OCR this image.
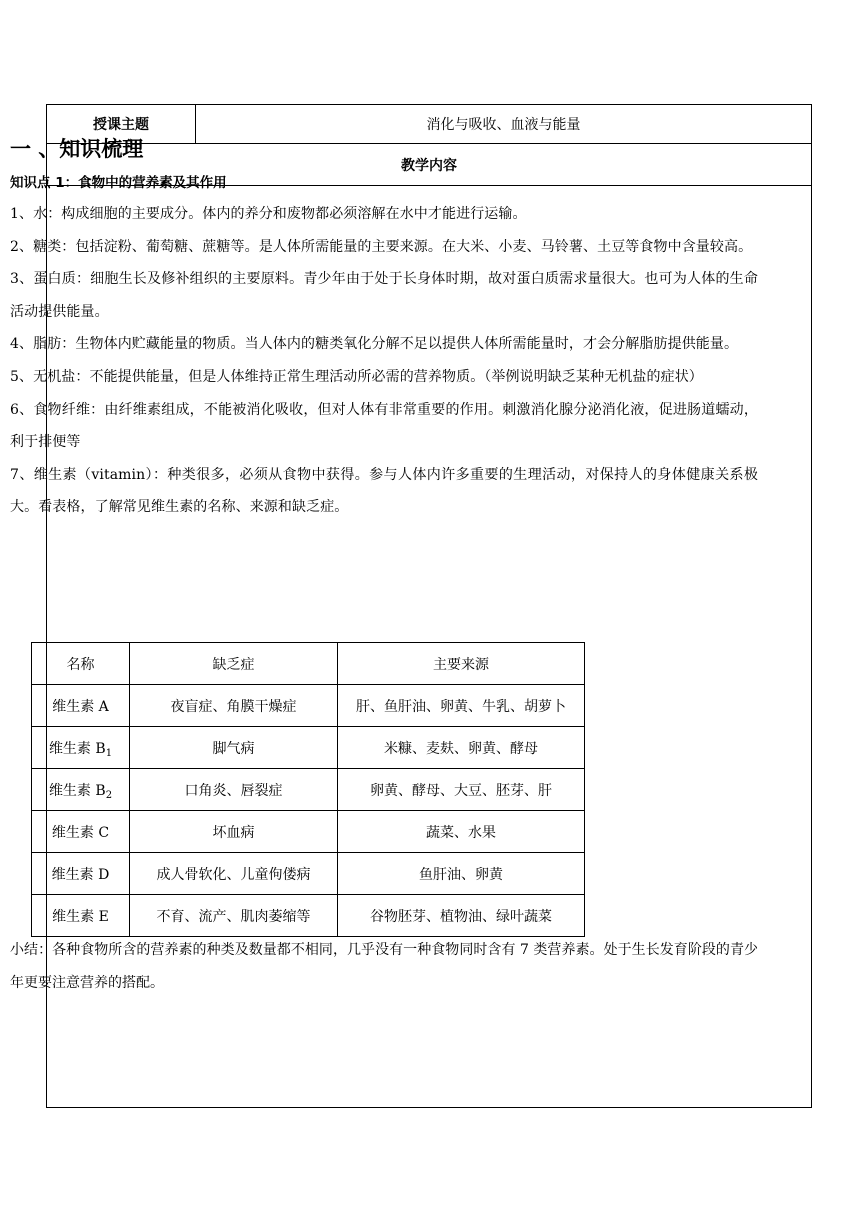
授课主题	消化与吸收、血液与能量
教学内容
一 、知识梳理
知识点 1：食物中的营养素及其作用
1、水：构成细胞的主要成分。体内的养分和废物都必须溶解在水中才能进行运输。
2、糖类：包括淀粉、葡萄糖、蔗糖等。是人体所需能量的主要来源。在大米、小麦、马铃薯、土豆等食物中含量较高。
3、蛋白质：细胞生长及修补组织的主要原料。青少年由于处于长身体时期，故对蛋白质需求量很大。也可为人体的生命活动提供能量。
4、脂肪：生物体内贮藏能量的物质。当人体内的糖类氧化分解不足以提供人体所需能量时，才会分解脂肪提供能量。
5、无机盐：不能提供能量，但是人体维持正常生理活动所必需的营养物质。（举例说明缺乏某种无机盐的症状）
6、食物纤维：由纤维素组成，不能被消化吸收，但对人体有非常重要的作用。刺激消化腺分泌消化液，促进肠道蠕动，利于排便等
7、维生素（vitamin）：种类很多，必须从食物中获得。参与人体内许多重要的生理活动，对保持人的身体健康关系极大。看表格，了解常见维生素的名称、来源和缺乏症。
名称	缺乏症	主要来源
维生素 A	夜盲症、角膜干燥症	肝、鱼肝油、卵黄、牛乳、胡萝卜
维生素 $B_1$	脚气病	米糠、麦麸、卵黄、酵母
维生素 $B_2$	口角炎、唇裂症	卵黄、酵母、大豆、胚芽、肝
维生素 C	坏血病	蔬菜、水果
维生素 D	成人骨软化、儿童佝偻病	鱼肝油、卵黄
维生素 E	不育、流产、肌肉萎缩等	谷物胚芽、植物油、绿叶蔬菜
小结：各种食物所含的营养素的种类及数量都不相同，几乎没有一种食物同时含有 7 类营养素。处于生长发育阶段的青少年更要注意营养的搭配。
